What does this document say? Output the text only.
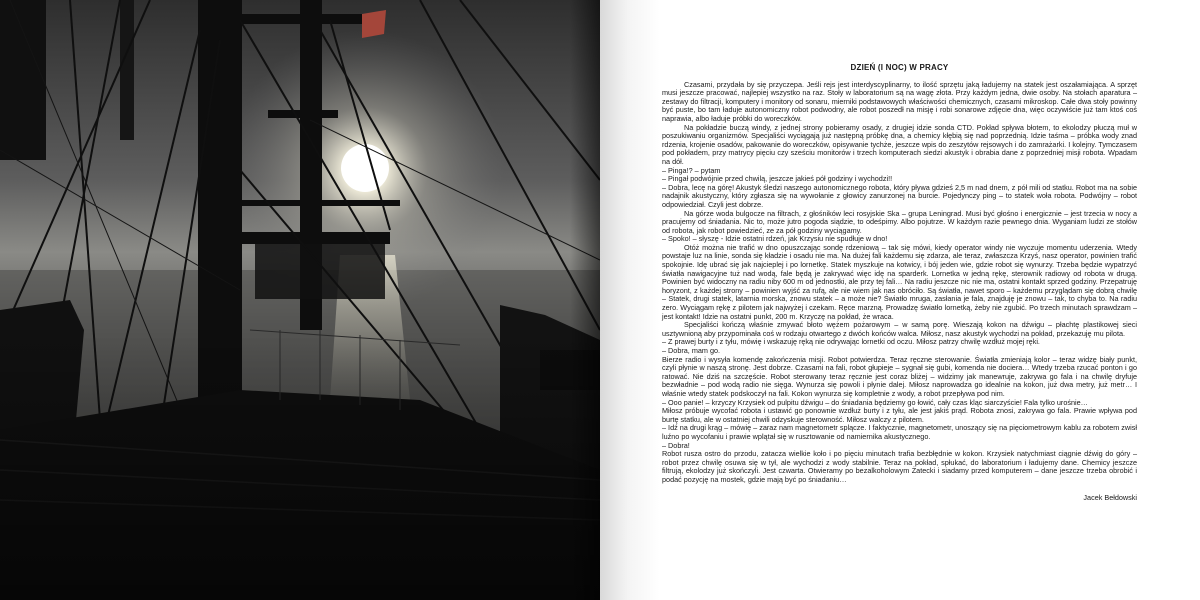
DZIEŃ (I NOC) W PRACY

Czasami, przydała by się przyczepa. Jeśli rejs jest interdyscyplinarny, to ilość sprzętu jaką ładujemy na statek jest oszałamiająca. A sprzęt musi jeszcze pracować, najlepiej wszystko na raz. Stoły w laboratorium są na wagę złota. Przy każdym jedna, dwie osoby. Na stołach aparatura – zestawy do filtracji, komputery i monitory od sonaru, mierniki podstawowych właściwości chemicznych, czasami mikroskop. Całe dwa stoły powinny być puste, bo tam ładuje autonomiczny robot podwodny, ale robot poszedł na misję i robi sonarowe zdjęcie dna, więc oczywiście już tam ktoś coś naprawia, albo ładuje próbki do woreczków.

Na pokładzie buczą windy, z jednej strony pobieramy osady, z drugiej idzie sonda CTD. Pokład spływa błotem, to ekolodzy płuczą muł w poszukiwaniu organizmów. Specjaliści wyciągają już następną próbkę dna, a chemicy kłębią się nad poprzednią. Idzie taśma – próbka wody znad rdzenia, krojenie osadów, pakowanie do woreczków, opisywanie tychże, jeszcze wpis do zeszytów rejsowych i do zamrażarki. I kolejny. Tymczasem pod pokładem, przy matrycy pięciu czy sześciu monitorów i trzech komputerach siedzi akustyk i obrabia dane z poprzedniej misji robota. Wpadam na dół.

– Pinga!? – pytam

– Pingał podwójnie przed chwilą, jeszcze jakieś pół godziny i wychodzi!!

– Dobra, lecę na górę! Akustyk śledzi naszego autonomicznego robota, który pływa gdzieś 2,5 m nad dnem, z pół mili od statku. Robot ma na sobie nadajnik akustyczny, który zgłasza się na wywołanie z głowicy zanurzonej na burcie. Pojedynczy ping – to statek woła robota. Podwójny – robot odpowiedział. Czyli jest dobrze.

Na górze woda bulgocze na filtrach, z głośników leci rosyjskie Ska – grupa Leningrad. Musi być głośno i energicznie – jest trzecia w nocy a pracujemy od śniadania. Nic to, może jutro pogoda siądzie, to odeśpimy. Albo pojutrze. W każdym razie pewnego dnia. Wyganiam ludzi ze stołów od robota, jak robot powiedzieć, ze za pół godziny wyciągamy.

– Spoko! – słyszę - Idzie ostatni rdzeń, jak Krzysiu nie spudłuje w dno!

Otóż można nie trafić w dno opuszczając sondę rdzeniową – tak się mówi, kiedy operator windy nie wyczuje momentu uderzenia. Wtedy powstaje luz na linie, sonda się kładzie i osadu nie ma. Na dużej fali każdemu się zdarza, ale teraz, zwłaszcza Krzyś, nasz operator, powinien trafić spokojnie. Idę ubrać się jak najcieplej i po lornetkę. Statek myszkuje na kotwicy, i bój jeden wie, gdzie robot się wynurzy. Trzeba będzie wypatrzyć światła nawigacyjne tuż nad wodą, fale będą je zakrywać więc idę na sparderk. Lornetka w jedną rękę, sterownik radiowy od robota w drugą. Powinien być widoczny na radiu niby 600 m od jednostki, ale przy tej fali… Na radiu jeszcze nic nie ma, ostatni kontakt sprzed godziny. Przepatruję horyzont, z każdej strony – powinien wyjść za rufą, ale nie wiem jak nas obróciło. Są światła, nawet sporo – każdemu przyglądam się dobrą chwilę – Statek, drugi statek, latarnia morska, znowu statek – a może nie? Światło mruga, zasłania je fala, znajduję je znowu – tak, to chyba to. Na radiu zero. Wyciągam rękę z pilotem jak najwyżej i czekam. Ręce marzną. Prowadzę światło lornetką, żeby nie zgubić. Po trzech minutach sprawdzam – jest kontakt! Idzie na ostatni punkt, 200 m. Krzyczę na pokład, że wraca.

Specjaliści kończą właśnie zmywać błoto wężem pożarowym – w samą porę. Wieszają kokon na dźwigu – płachtę plastikowej sieci usztywnioną aby przypominała coś w rodzaju otwartego z dwóch końców walca. Miłosz, nasz akustyk wychodzi na pokład, przekazuję mu pilota.

– Z prawej burty i z tyłu, mówię i wskazuję ręką nie odrywając lornetki od oczu. Miłosz patrzy chwilę wzdłuż mojej ręki.

– Dobra, mam go.

Bierze radio i wysyła komendę zakończenia misji. Robot potwierdza. Teraz ręczne sterowanie. Światła zmieniają kolor – teraz widzę biały punkt, czyli płynie w naszą stronę. Jest dobrze. Czasami na fali, robot głupieje – sygnał się gubi, komenda nie dociera… Wtedy trzeba rzucać ponton i go ratować. Nie dziś na szczęście. Robot sterowany teraz ręcznie jest coraz bliżej – widzimy jak manewruje, zakrywa go fala i na chwilę dryfuje bezwładnie – pod wodą radio nie sięga. Wynurza się powoli i płynie dalej. Miłosz naprowadza go idealnie na kokon, już dwa metry, już metr… I właśnie wtedy statek podskoczył na fali. Kokon wynurza się kompletnie z wody, a robot przepływa pod nim.

– Ooo panie! – krzyczy Krzysiek od pulpitu dźwigu – do śniadania będziemy go łowić, cały czas kląc siarczyście! Fala tylko urośnie…

Miłosz próbuje wycofać robota i ustawić go ponownie wzdłuż burty i z tyłu, ale jest jakiś prąd. Robota znosi, zakrywa go fala. Prawie wpływa pod burtę statku, ale w ostatniej chwili odzyskuje sterowność. Miłosz walczy z pilotem.

– Idź na drugi krąg – mówię – zaraz nam magnetometr splącze. I faktycznie, magnetometr, unoszący się na pięciometrowym kablu za robotem zwisł luźno po wycofaniu i prawie wplątał się w rusztowanie od namiernika akustycznego.

– Dobra!

Robot rusza ostro do przodu, zatacza wielkie koło i po pięciu minutach trafia bezbłędnie w kokon. Krzysiek natychmiast ciągnie dźwig do góry – robot przez chwilę osuwa się w tył, ale wychodzi z wody stabilnie. Teraz na pokład, spłukać, do laboratorium i ładujemy dane. Chemicy jeszcze filtrują, ekolodzy już skończyli. Jest czwarta. Otwieramy po bezalkoholowym Żatecki i siadamy przed komputerem – dane jeszcze trzeba obrobić i podać pozycję na mostek, gdzie mają być po śniadaniu…

Jacek Bełdowski
